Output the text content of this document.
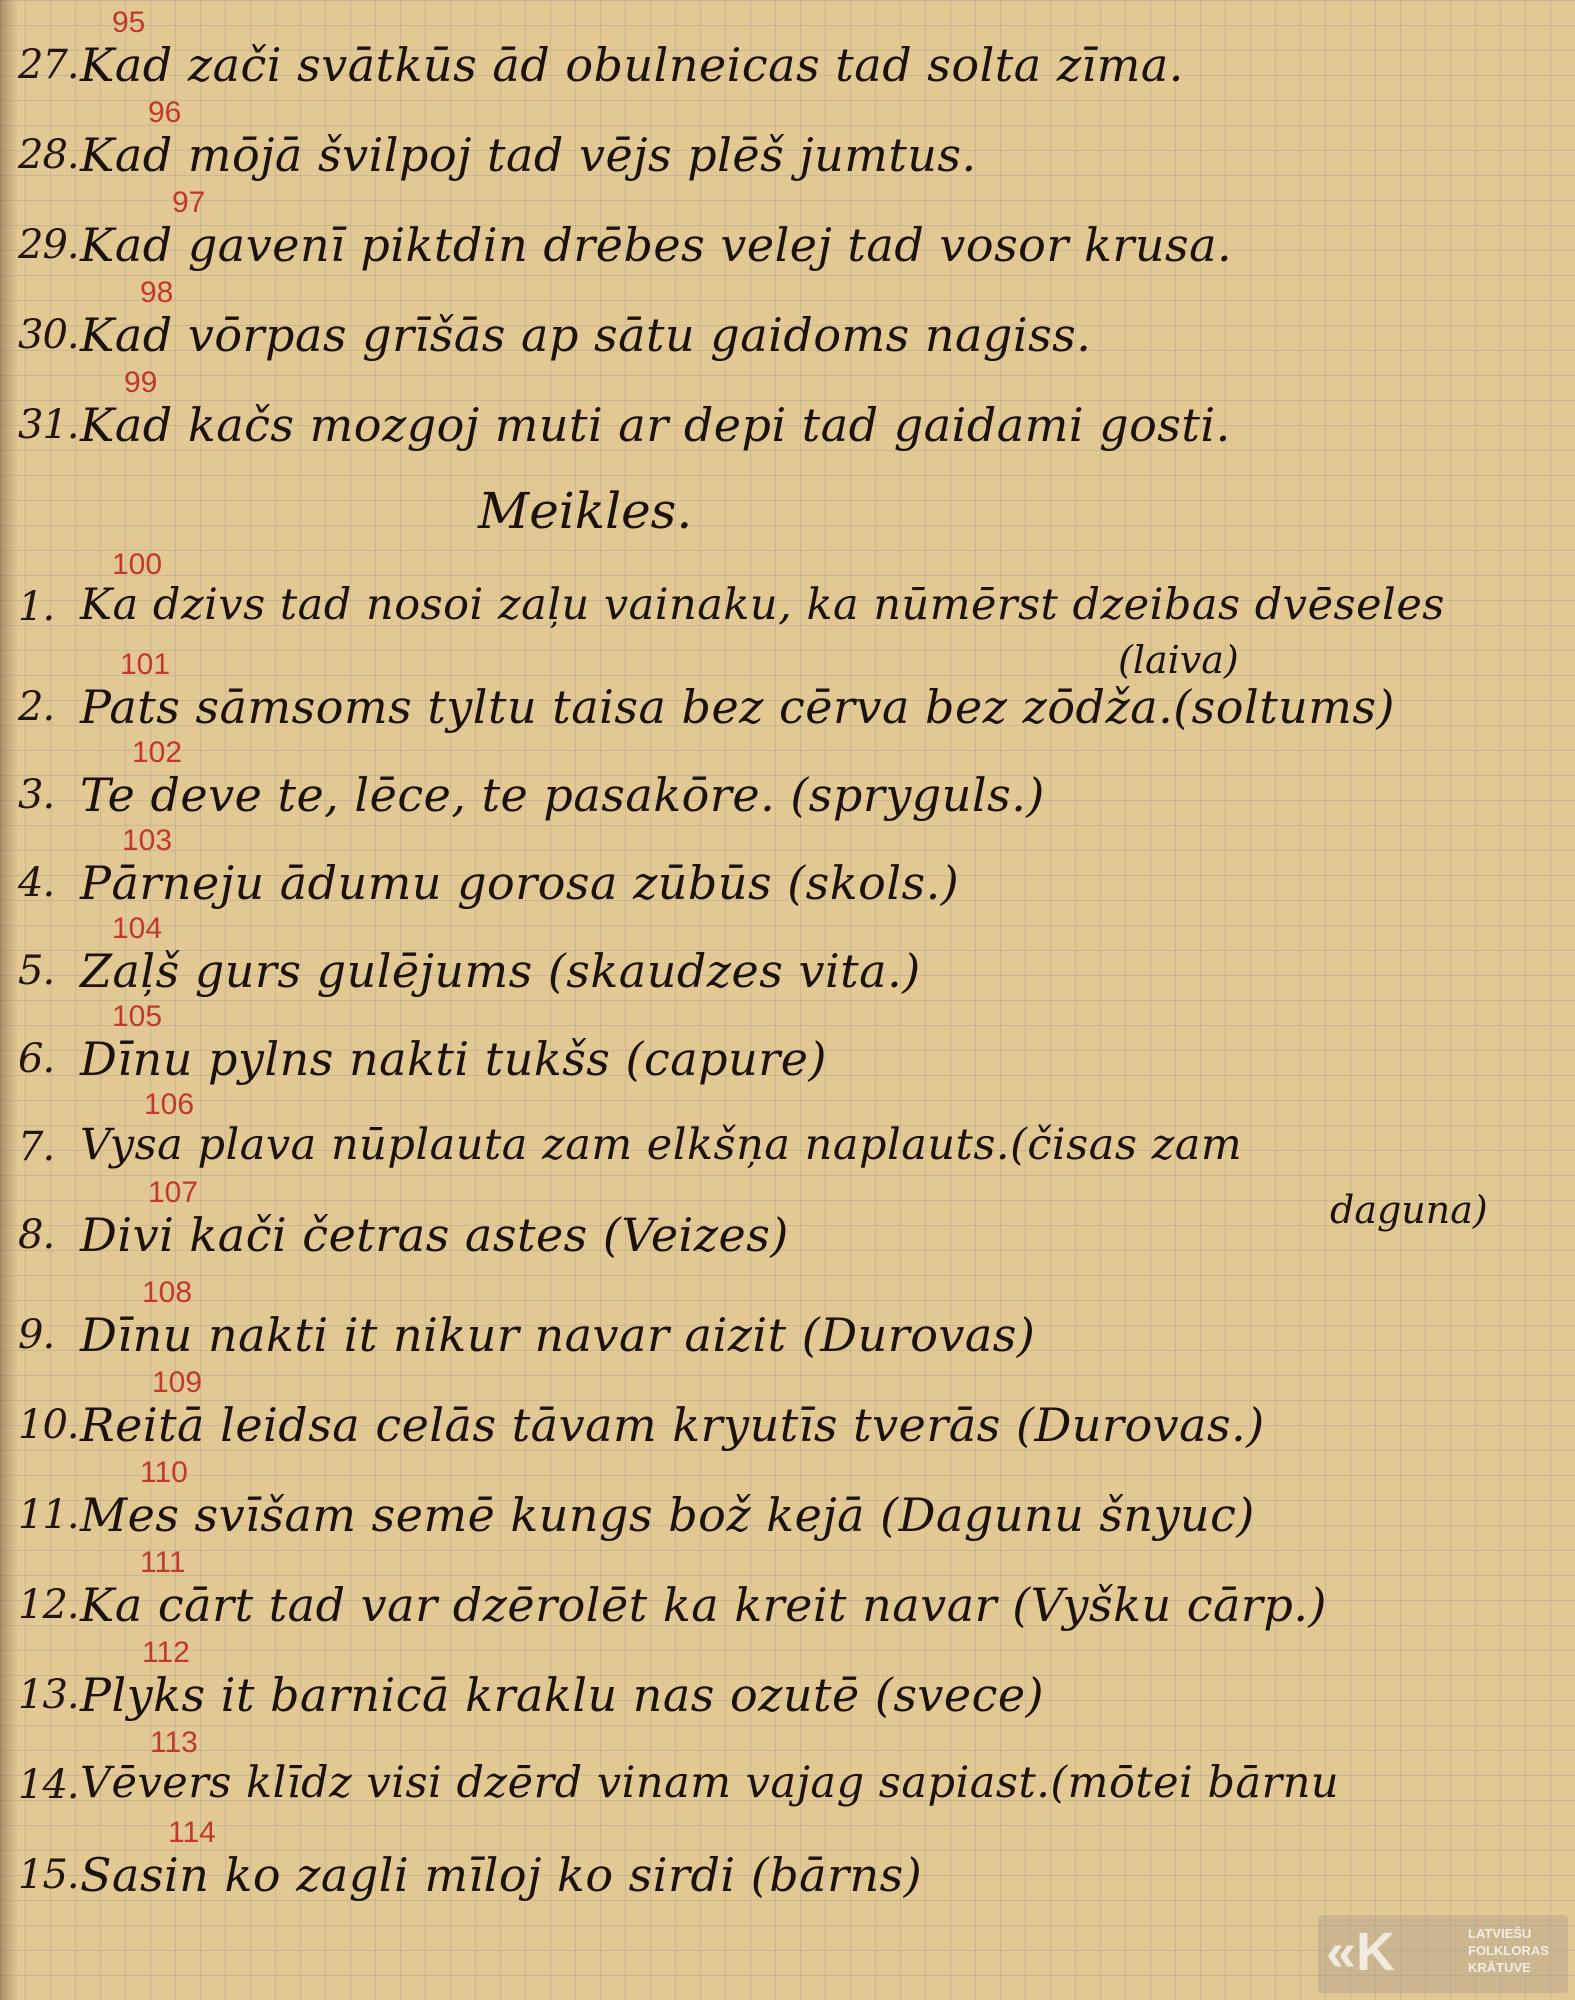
95
27. Kad zači svātkūs ād obulneicas tad solta zīma.
96
28. Kad mōjā švilpoj tad vējs plēš jumtus.
97
29. Kad gavenī piktdin drēbes velej tad vosor krusa.
98
30. Kad vōrpas grīšās ap sātu gaidoms nagiss.
99
31. Kad kačs mozgoj muti ar depi tad gaidami gosti.
Meikles.
100
1. Ka dzivs tad nosoi zaļu vainaku, ka nūmērst dzeibas dvēseles
(laiva)
101
2. Pats sāmsoms tyltu taisa bez cērva bez zōdža.(soltums)
102
3. Te deve te, lēce, te pasakōre. (spryguls.)
103
4. Pārneju ādumu gorosa zūbūs (skols.)
104
5. Zaļš gurs gulējums (skaudzes vita.)
105
6. Dīnu pylns nakti tukšs (capure)
106
7. Vysa plava nūplauta zam elkšņa naplauts.(čisas zam
daguna)
107
8. Divi kači četras astes (Veizes)
108
9. Dīnu nakti it nikur navar aizit (Durovas)
109
10. Reitā leidsa celās tāvam kryutīs tverās (Durovas.)
110
11. Mes svīšam semē kungs bož kejā (Dagunu šnyuc)
111
12. Ka cārt tad var dzērolēt ka kreit navar (Vyšku cārp.)
112
13. Plyks it barnicā kraklu nas ozutē (svece)
113
14. Vēvers klīdz visi dzērd vinam vajag sapiast.(mōtei bārnu
114
15. Sasin ko zagli mīloj ko sirdi (bārns)
«K	LATVIEŠU
FOLKLORAS
KRĀTUVE
